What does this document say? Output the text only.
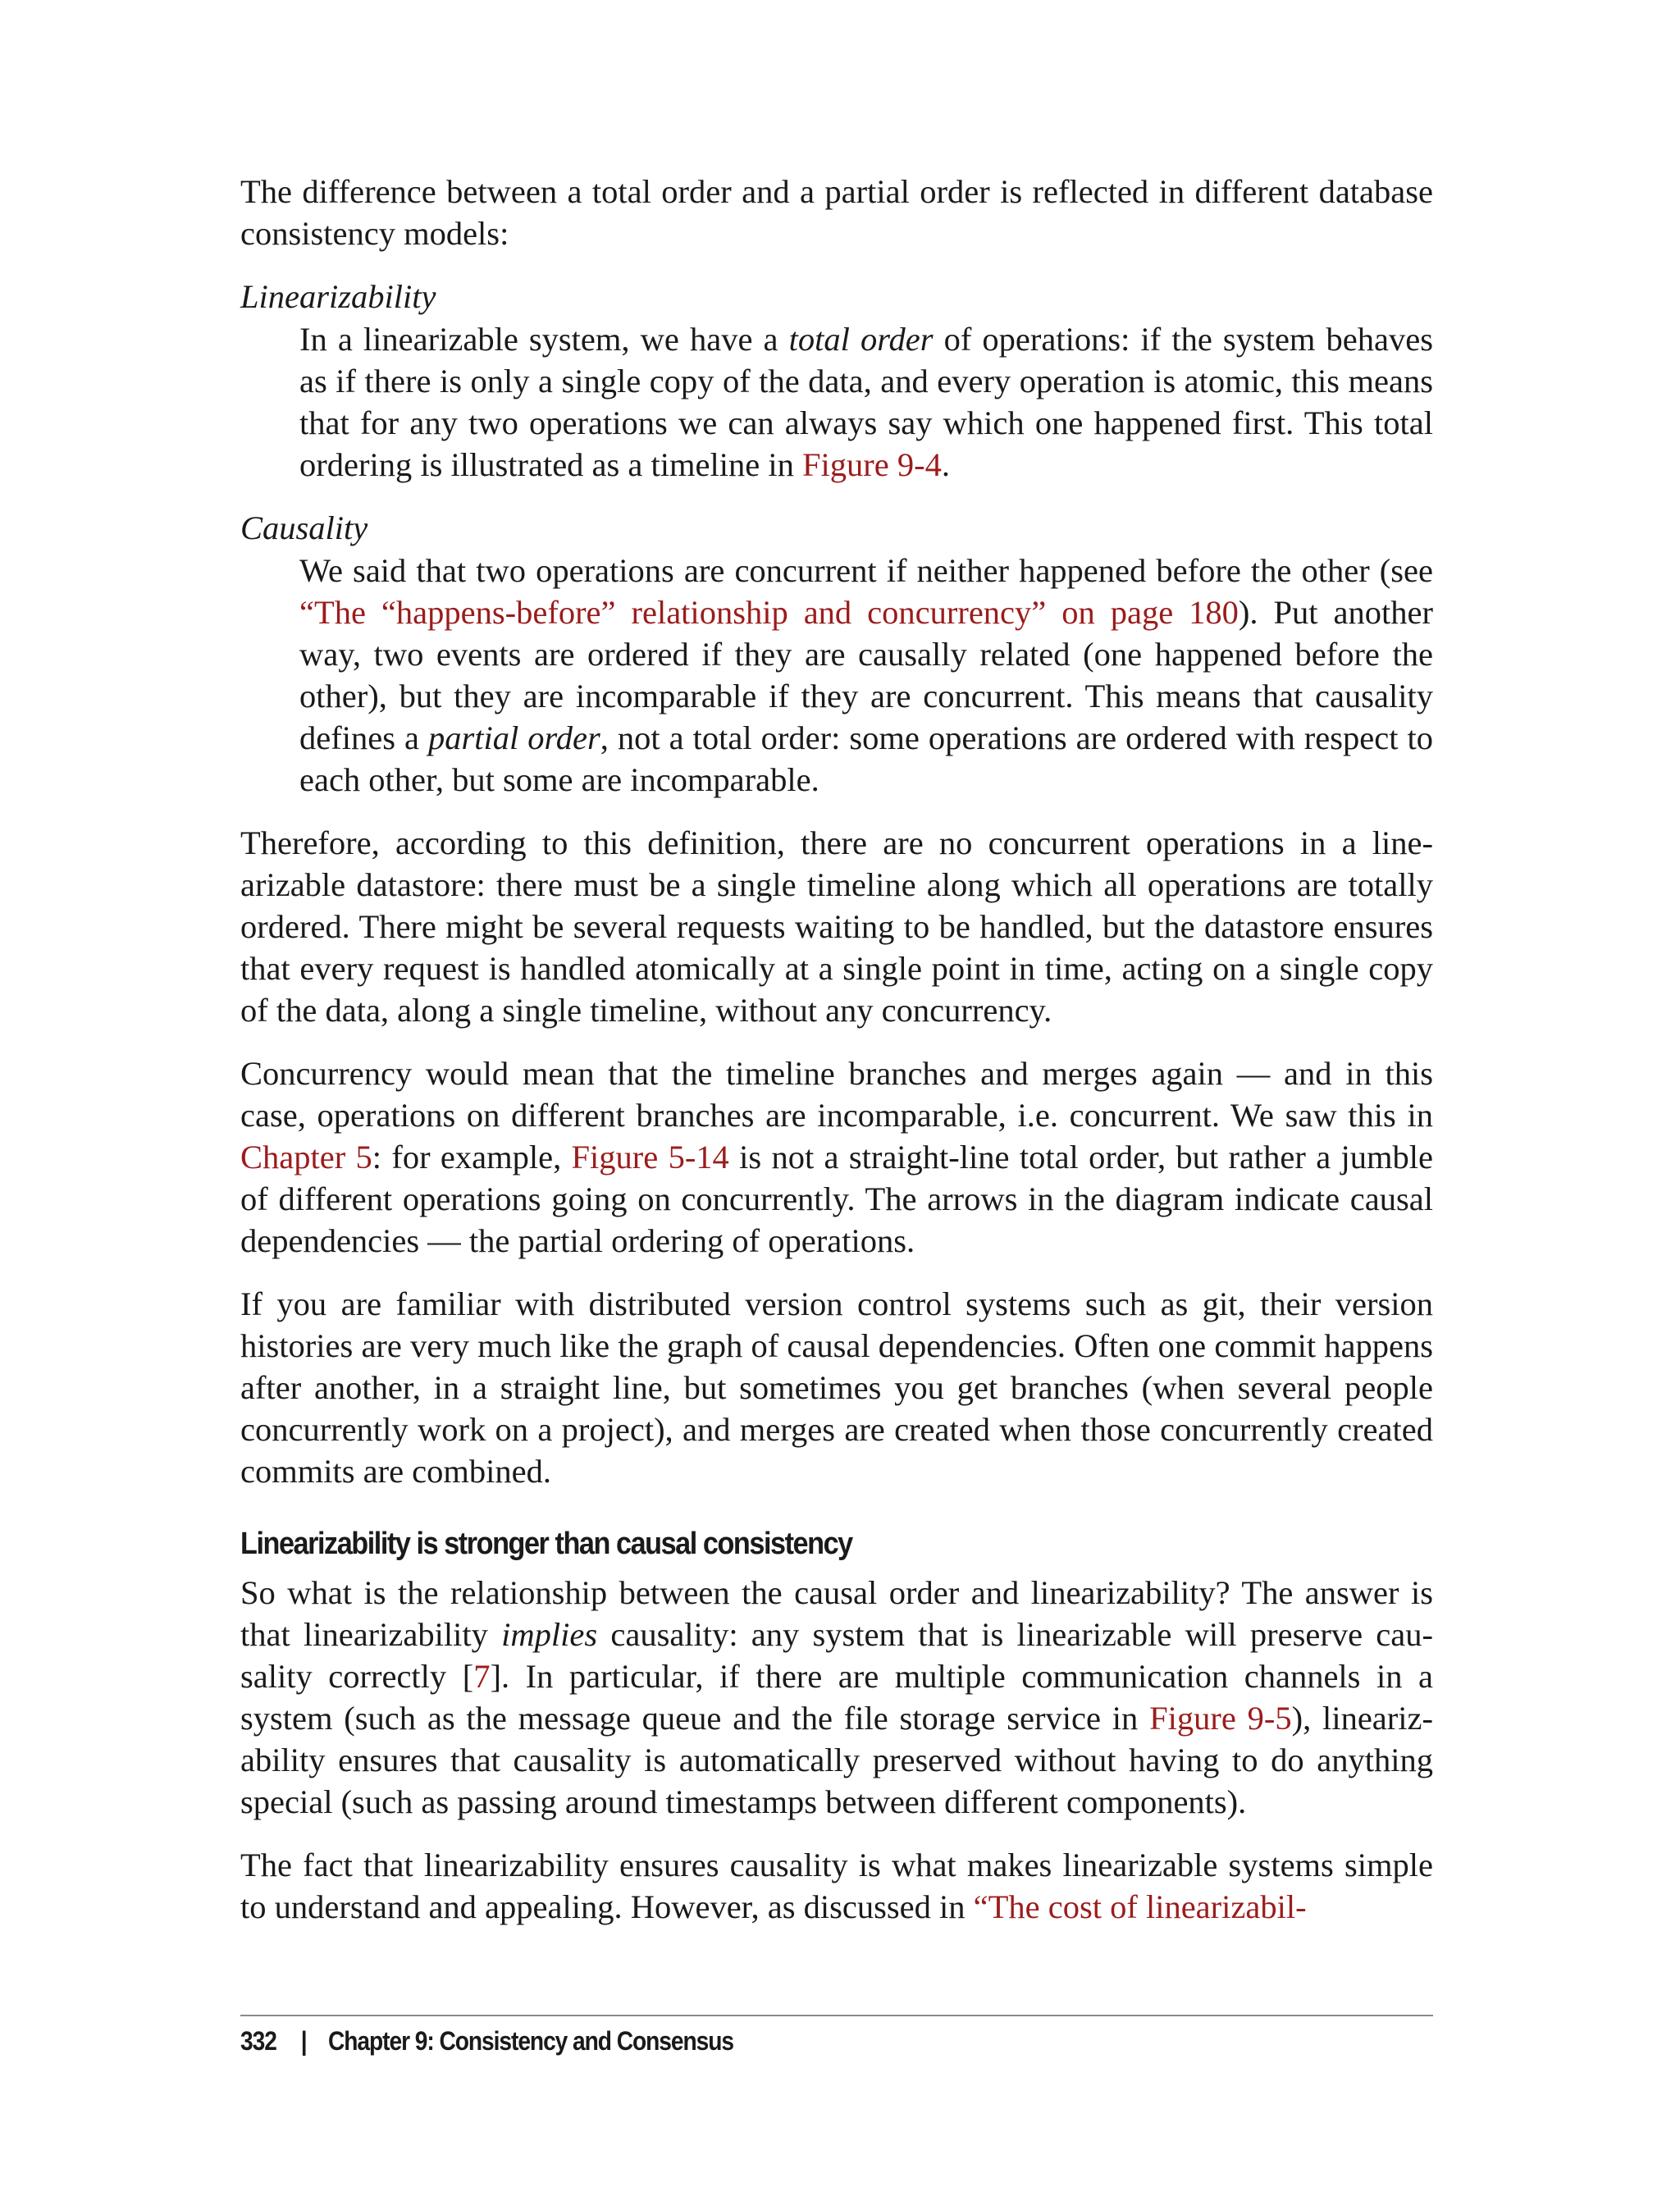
The difference between a total order and a partial order is reflected in different database consistency models:

Linearizability

In a linearizable system, we have a total order of operations: if the system behaves as if there is only a single copy of the data, and every operation is atomic, this means that for any two operations we can always say which one happened first. This total ordering is illustrated as a timeline in Figure 9-4.

Causality

We said that two operations are concurrent if neither happened before the other (see “The “happens-before” relationship and concurrency” on page 180). Put another way, two events are ordered if they are causally related (one happened before the other), but they are incomparable if they are concurrent. This means that causality defines a partial order, not a total order: some operations are ordered with respect to each other, but some are incomparable.

Therefore, according to this definition, there are no concurrent operations in a linearizable datastore: there must be a single timeline along which all operations are totally ordered. There might be several requests waiting to be handled, but the datastore ensures that every request is handled atomically at a single point in time, acting on a single copy of the data, along a single timeline, without any concurrency.

Concurrency would mean that the timeline branches and merges again — and in this case, operations on different branches are incomparable, i.e. concurrent. We saw this in Chapter 5: for example, Figure 5-14 is not a straight-line total order, but rather a jumble of different operations going on concurrently. The arrows in the diagram indicate causal dependencies — the partial ordering of operations.

If you are familiar with distributed version control systems such as git, their version histories are very much like the graph of causal dependencies. Often one commit happens after another, in a straight line, but sometimes you get branches (when several people concurrently work on a project), and merges are created when those concurrently created commits are combined.

Linearizability is stronger than causal consistency

So what is the relationship between the causal order and linearizability? The answer is that linearizability implies causality: any system that is linearizable will preserve causality correctly [7]. In particular, if there are multiple communication channels in a system (such as the message queue and the file storage service in Figure 9-5), linearizability ensures that causality is automatically preserved without having to do anything special (such as passing around timestamps between different components).

The fact that linearizability ensures causality is what makes linearizable systems simple to understand and appealing. However, as discussed in “The cost of linearizabil-

332 | Chapter 9: Consistency and Consensus
